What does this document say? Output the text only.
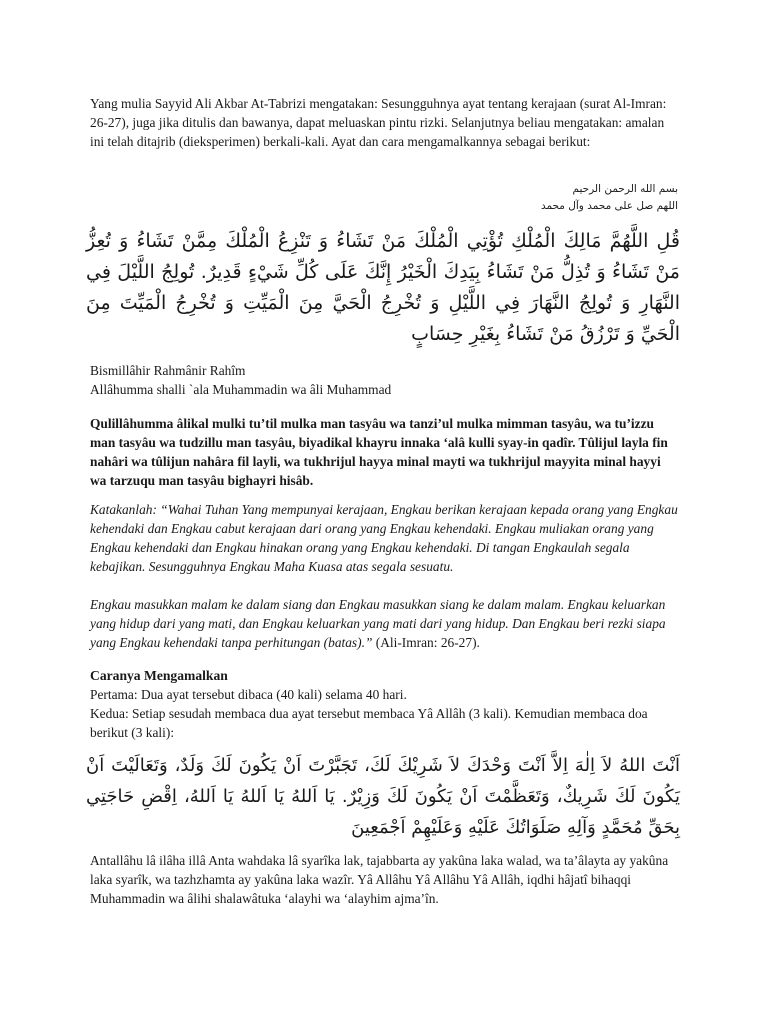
Yang mulia Sayyid Ali Akbar At-Tabrizi mengatakan: Sesungguhnya ayat tentang kerajaan (surat Al-Imran: 26-27), juga jika ditulis dan bawanya, dapat meluaskan pintu rizki. Selanjutnya beliau mengatakan: amalan ini telah ditajrib (dieksperimen) berkali-kali. Ayat dan cara mengamalkannya sebagai berikut:

بسم الله الرحمن الرحيم
اللهم صل على محمد وآل محمد
قُلِ اللَّهُمَّ مَالِكَ الْمُلْكِ تُؤْتِي الْمُلْكَ مَنْ تَشَاءُ وَ تَنْزِعُ الْمُلْكَ مِمَّنْ تَشَاءُ وَ تُعِزُّ مَنْ تَشَاءُ وَ تُذِلُّ مَنْ تَشَاءُ بِيَدِكَ الْخَيْرُ إِنَّكَ عَلَى كُلِّ شَيْءٍ قَدِيرٌ. تُولِجُ اللَّيْلَ فِي النَّهَارِ وَ تُولِجُ النَّهَارَ فِي اللَّيْلِ وَ تُخْرِجُ الْحَيَّ مِنَ الْمَيِّتِ وَ تُخْرِجُ الْمَيِّتَ مِنَ الْحَيِّ وَ تَرْزُقُ مَنْ تَشَاءُ بِغَيْرِ حِسَابٍ

Bismillâhir Rahmânir Rahîm

Allâhumma shalli `ala Muhammadin wa âli Muhammad

Qulillâhumma âlikal mulki tu’til mulka man tasyâu wa tanzi’ul mulka mimman tasyâu, wa tu’izzu man tasyâu wa tudzillu man tasyâu, biyadikal khayru innaka ‘alâ kulli syay-in qadîr. Tûlijul layla fin nahâri wa tûlijun nahâra fil layli, wa tukhrijul hayya minal mayti wa tukhrijul mayyita minal hayyi wa tarzuqu man tasyâu bighayri hisâb.

Katakanlah: “Wahai Tuhan Yang mempunyai kerajaan, Engkau berikan kerajaan kepada orang yang Engkau kehendaki dan Engkau cabut kerajaan dari orang yang Engkau kehendaki. Engkau muliakan orang yang Engkau kehendaki dan Engkau hinakan orang yang Engkau kehendaki. Di tangan Engkaulah segala kebajikan. Sesungguhnya Engkau Maha Kuasa atas segala sesuatu.

Engkau masukkan malam ke dalam siang dan Engkau masukkan siang ke dalam malam. Engkau keluarkan yang hidup dari yang mati, dan Engkau keluarkan yang mati dari yang hidup. Dan Engkau beri rezki siapa yang Engkau kehendaki tanpa perhitungan (batas).” (Ali-Imran: 26-27).

Caranya Mengamalkan

Pertama: Dua ayat tersebut dibaca (40 kali) selama 40 hari.

Kedua: Setiap sesudah membaca dua ayat tersebut membaca Yâ Allâh (3 kali). Kemudian membaca doa berikut (3 kali):

اَنْتَ اللهُ لاَ اِلٰهَ اِلاَّ اَنْتَ وَحْدَكَ لاَ شَرِيْكَ لَكَ، تَجَبَّرْتَ اَنْ يَكُونَ لَكَ وَلَدٌ، وَتَعَالَيْتَ اَنْ يَكُونَ لَكَ شَرِيكٌ، وَتَعَظَّمْتَ اَنْ يَكُونَ لَكَ وَزِيْرٌ. يَا اَللهُ يَا اَللهُ يَا اَللهُ، اِقْضِ حَاجَتِي بِحَقِّ مُحَمَّدٍ وَآلِهِ صَلَوَاتُكَ عَلَيْهِ وَعَلَيْهِمْ اَجْمَعِينَ

Antallâhu lâ ilâha illâ Anta wahdaka lâ syarîka lak, tajabbarta ay yakûna laka walad, wa ta’âlayta ay yakûna laka syarîk, wa tazhzhamta ay yakûna laka wazîr. Yâ Allâhu Yâ Allâhu Yâ Allâh, iqdhi hâjatî bihaqqi Muhammadin wa âlihi shalawâtuka ‘alayhi wa ‘alayhim ajma’în.
